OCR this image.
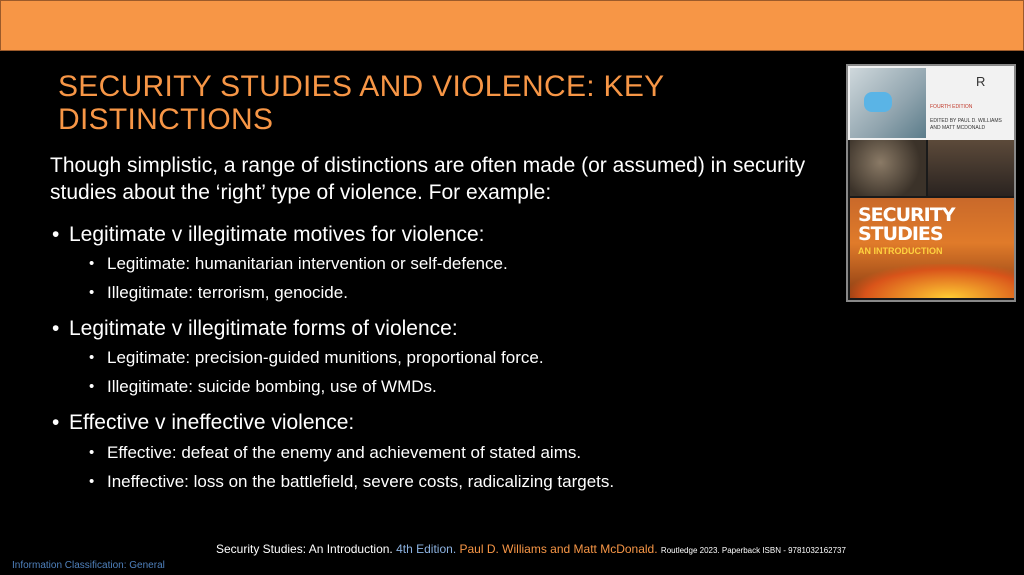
SECURITY STUDIES AND VIOLENCE: KEY DISTINCTIONS
Though simplistic, a range of distinctions are often made (or assumed) in security studies about the ‘right’ type of violence. For example:
• Legitimate v illegitimate motives for violence:
• Legitimate: humanitarian intervention or self-defence.
• Illegitimate: terrorism, genocide.
• Legitimate v illegitimate forms of violence:
• Legitimate: precision-guided munitions, proportional force.
• Illegitimate: suicide bombing, use of WMDs.
• Effective v ineffective violence:
• Effective: defeat of the enemy and achievement of stated aims.
• Ineffective: loss on the battlefield, severe costs, radicalizing targets.
R
FOURTH EDITION
EDITED BY PAUL D. WILLIAMS AND MATT MCDONALD
SECURITY STUDIES
AN INTRODUCTION
Security Studies: An Introduction. 4th Edition. Paul D. Williams and Matt McDonald. Routledge 2023. Paperback ISBN - 9781032162737
Information Classification: General
